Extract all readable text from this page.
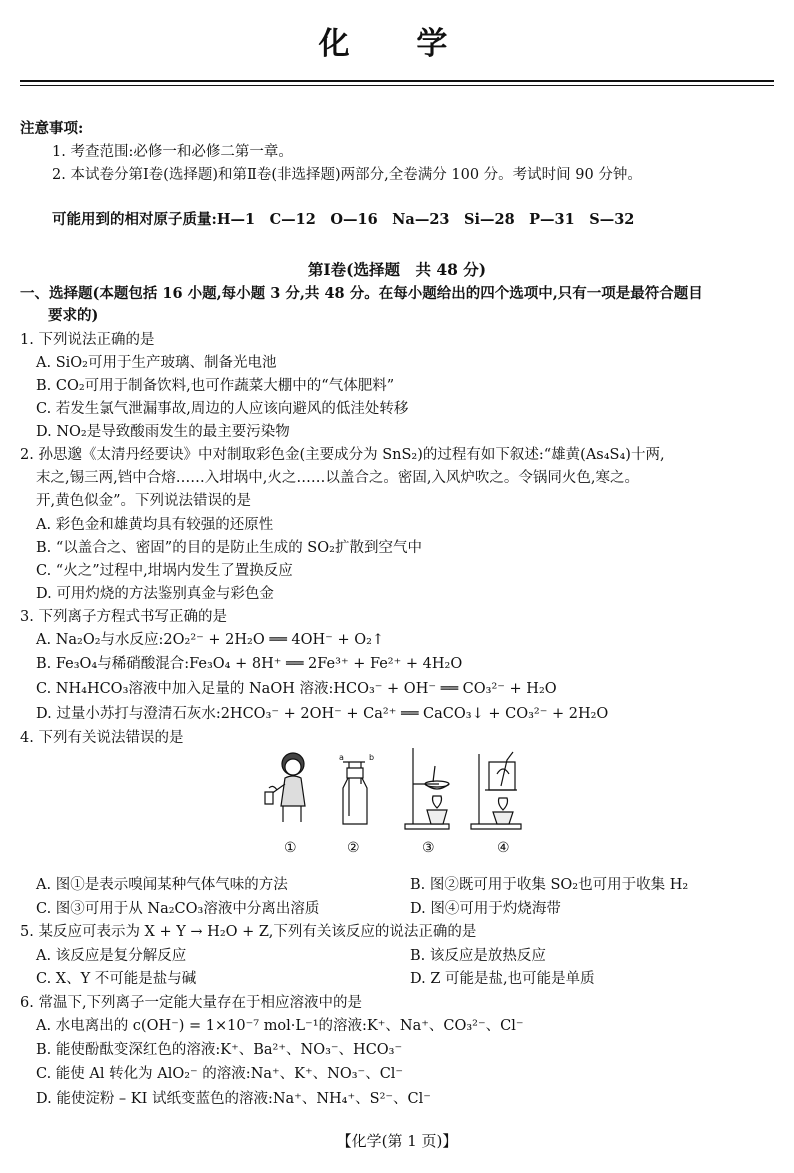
化 学
注意事项:
1. 考查范围:必修一和必修二第一章。
2. 本试卷分第Ⅰ卷(选择题)和第Ⅱ卷(非选择题)两部分,全卷满分 100 分。考试时间 90 分钟。
可能用到的相对原子质量:H—1　C—12　O—16　Na—23　Si—28　P—31　S—32
第Ⅰ卷(选择题　共 48 分)
一、选择题(本题包括 16 小题,每小题 3 分,共 48 分。在每小题给出的四个选项中,只有一项是最符合题目
要求的)
1. 下列说法正确的是
A. SiO₂可用于生产玻璃、制备光电池
B. CO₂可用于制备饮料,也可作蔬菜大棚中的“气体肥料”
C. 若发生氯气泄漏事故,周边的人应该向避风的低洼处转移
D. NO₂是导致酸雨发生的最主要污染物
2. 孙思邈《太清丹经要诀》中对制取彩色金(主要成分为 SnS₂)的过程有如下叙述:“雄黄(As₄S₄)十两,
末之,锡三两,铛中合熔……入坩埚中,火之……以盖合之。密固,入风炉吹之。令锅同火色,寒之。
开,黄色似金”。下列说法错误的是
A. 彩色金和雄黄均具有较强的还原性
B. “以盖合之、密固”的目的是防止生成的 SO₂扩散到空气中
C. “火之”过程中,坩埚内发生了置换反应
D. 可用灼烧的方法鉴别真金与彩色金
3. 下列离子方程式书写正确的是
A. Na₂O₂与水反应:2O₂²⁻ + 2H₂O ══ 4OH⁻ + O₂↑
B. Fe₃O₄与稀硝酸混合:Fe₃O₄ + 8H⁺ ══ 2Fe³⁺ + Fe²⁺ + 4H₂O
C. NH₄HCO₃溶液中加入足量的 NaOH 溶液:HCO₃⁻ + OH⁻ ══ CO₃²⁻ + H₂O
D. 过量小苏打与澄清石灰水:2HCO₃⁻ + 2OH⁻ + Ca²⁺ ══ CaCO₃↓ + CO₃²⁻ + 2H₂O
4. 下列有关说法错误的是
a	b
①	②	③	④
A. 图①是表示嗅闻某种气体气味的方法	B. 图②既可用于收集 SO₂也可用于收集 H₂
C. 图③可用于从 Na₂CO₃溶液中分离出溶质	D. 图④可用于灼烧海带
5. 某反应可表示为 X + Y → H₂O + Z,下列有关该反应的说法正确的是
A. 该反应是复分解反应	B. 该反应是放热反应
C. X、Y 不可能是盐与碱	D. Z 可能是盐,也可能是单质
6. 常温下,下列离子一定能大量存在于相应溶液中的是
A. 水电离出的 c(OH⁻) = 1×10⁻⁷ mol·L⁻¹的溶液:K⁺、Na⁺、CO₃²⁻、Cl⁻
B. 能使酚酞变深红色的溶液:K⁺、Ba²⁺、NO₃⁻、HCO₃⁻
C. 能使 Al 转化为 AlO₂⁻ 的溶液:Na⁺、K⁺、NO₃⁻、Cl⁻
D. 能使淀粉 – KI 试纸变蓝色的溶液:Na⁺、NH₄⁺、S²⁻、Cl⁻
【化学(第 1 页)】
